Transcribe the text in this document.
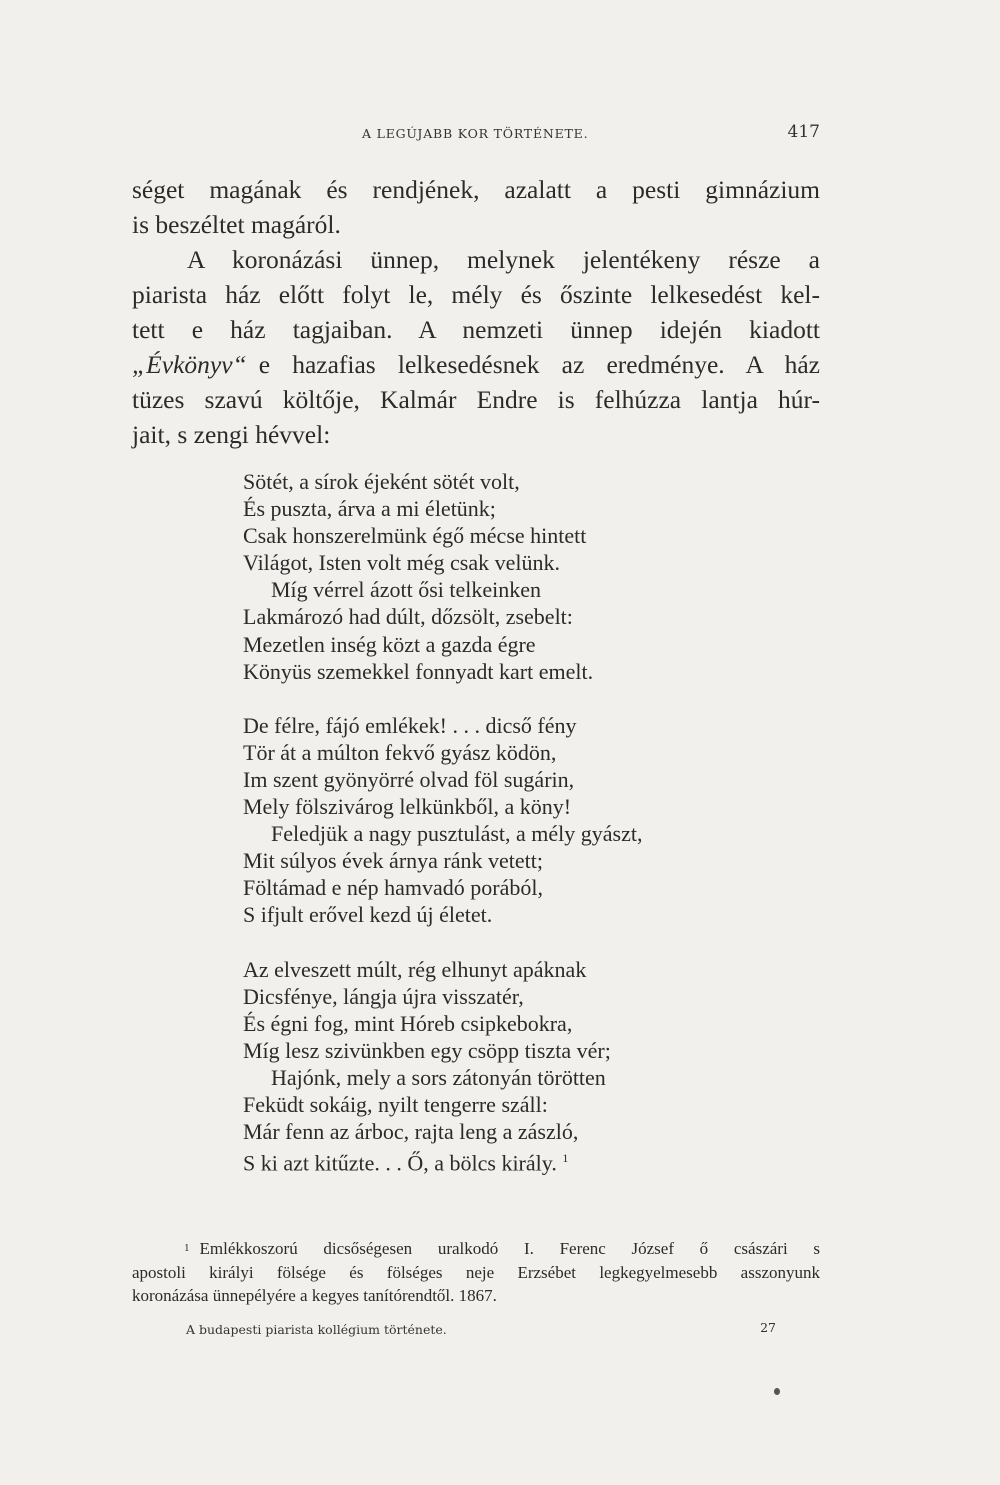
A LEGÚJABB KOR TÖRTÉNETE.	417
séget magának és rendjének, azalatt a pesti gimnázium
is beszéltet magáról.
A koronázási ünnep, melynek jelentékeny része a
piarista ház előtt folyt le, mély és őszinte lelkesedést kel-
tett e ház tagjaiban. A nemzeti ünnep idején kiadott
„Évkönyv“ e hazafias lelkesedésnek az eredménye. A ház
tüzes szavú költője, Kalmár Endre is felhúzza lantja húr-
jait, s zengi hévvel:
Sötét, a sírok éjeként sötét volt,
És puszta, árva a mi életünk;
Csak honszerelmünk égő mécse hintett
Világot, Isten volt még csak velünk.
Míg vérrel ázott ősi telkeinken
Lakmározó had dúlt, dőzsölt, zsebelt:
Mezetlen inség közt a gazda égre
Könyüs szemekkel fonnyadt kart emelt.
De félre, fájó emlékek! . . . dicső fény
Tör át a múlton fekvő gyász ködön,
Im szent gyönyörré olvad föl sugárin,
Mely fölszivárog lelkünkből, a köny!
Feledjük a nagy pusztulást, a mély gyászt,
Mit súlyos évek árnya ránk vetett;
Föltámad e nép hamvadó porából,
S ifjult erővel kezd új életet.
Az elveszett múlt, rég elhunyt apáknak
Dicsfénye, lángja újra visszatér,
És égni fog, mint Hóreb csipkebokra,
Míg lesz szivünkben egy csöpp tiszta vér;
Hajónk, mely a sors zátonyán törötten
Feküdt sokáig, nyilt tengerre száll:
Már fenn az árboc, rajta leng a zászló,
S ki azt kitűzte. . . Ő, a bölcs király. $^1$
1 Emlékkoszorú dicsőségesen uralkodó I. Ferenc József ő császári s
apostoli királyi fölsége és fölséges neje Erzsébet legkegyelmesebb asszonyunk
koronázása ünnepélyére a kegyes tanítórendtől. 1867.
A budapesti piarista kollégium története.	27
